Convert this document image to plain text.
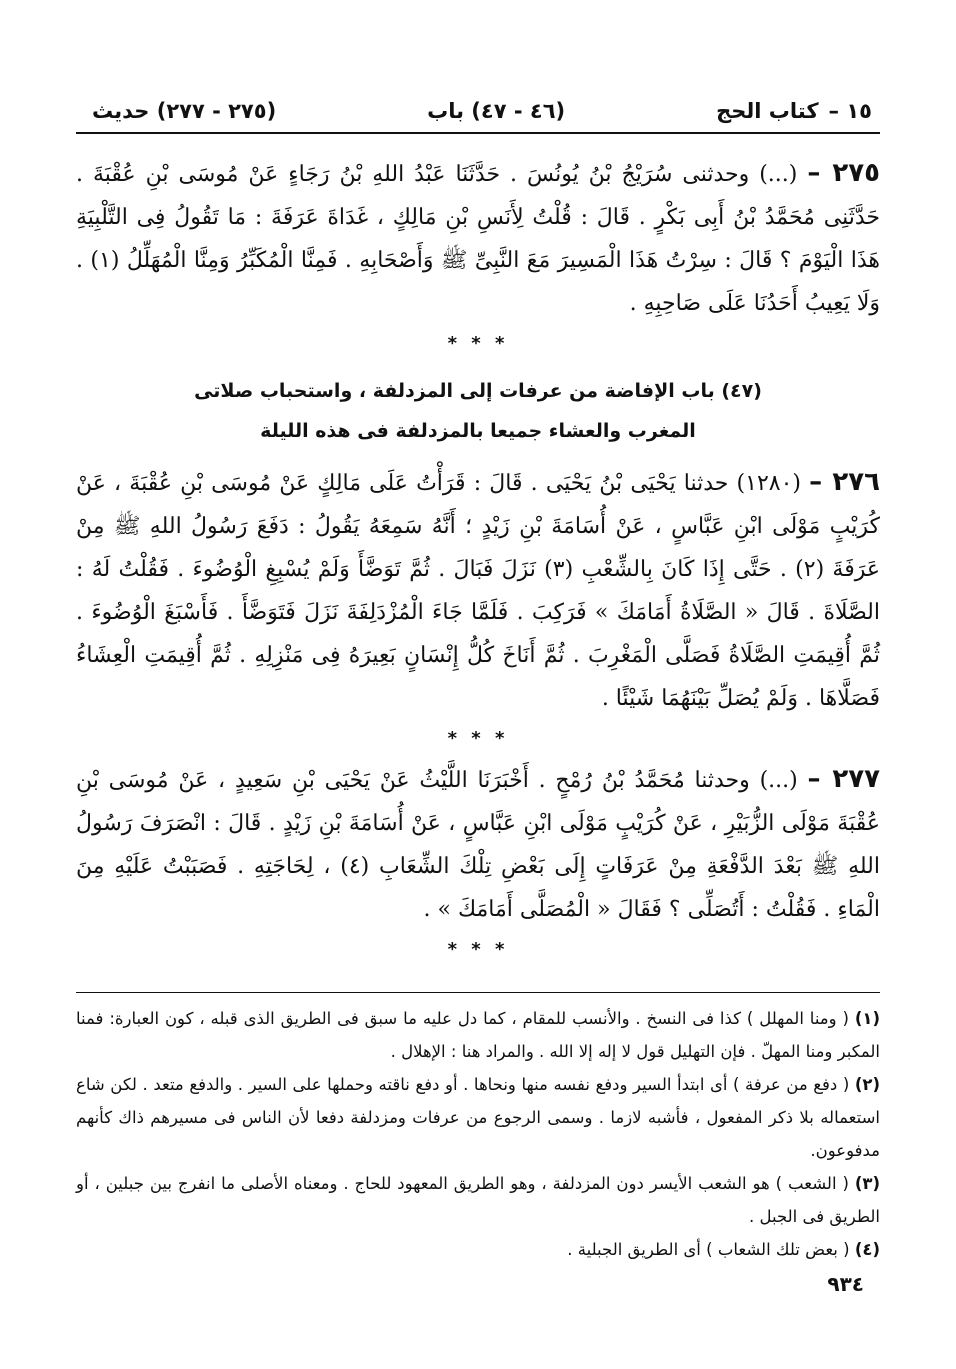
١٥ –
كتاب الحج
(٤٦ - ٤٧) باب
(٢٧٥ - ٢٧٧) حديث

٢٧٥ – (...) وحدثنى سُرَيْجُ بْنُ يُونُسَ . حَدَّثَنَا عَبْدُ اللهِ بْنُ رَجَاءٍ عَنْ مُوسَى بْنِ عُقْبَةَ . حَدَّثَنِى مُحَمَّدُ بْنُ أَبِى بَكْرٍ . قَالَ : قُلْتُ لِأَنَسِ بْنِ مَالِكٍ ، غَدَاةَ عَرَفَةَ : مَا تَقُولُ فِى التَّلْبِيَةِ هَذَا الْيَوْمَ ؟ قَالَ : سِرْتُ هَذَا الْمَسِيرَ مَعَ النَّبِىِّ ﷺ وَأَصْحَابِهِ . فَمِنَّا الْمُكَبِّرُ وَمِنَّا الْمُهَلِّلُ (١) . وَلَا يَعِيبُ أَحَدُنَا عَلَى صَاحِبِهِ .

* * *
(٤٧) باب الإفاضة من عرفات إلى المزدلفة ، واستحباب صلاتى
المغرب والعشاء جميعا بالمزدلفة فى هذه الليلة

٢٧٦ – (١٢٨٠) حدثنا يَحْيَى بْنُ يَحْيَى . قَالَ : قَرَأْتُ عَلَى مَالِكٍ عَنْ مُوسَى بْنِ عُقْبَةَ ، عَنْ كُرَيْبٍ مَوْلَى ابْنِ عَبَّاسٍ ، عَنْ أُسَامَةَ بْنِ زَيْدٍ ؛ أَنَّهُ سَمِعَهُ يَقُولُ : دَفَعَ رَسُولُ اللهِ ﷺ مِنْ عَرَفَةَ (٢) . حَتَّى إِذَا كَانَ بِالشِّعْبِ (٣) نَزَلَ فَبَالَ . ثُمَّ تَوَضَّأَ وَلَمْ يُسْبِغِ الْوُضُوءَ . فَقُلْتُ لَهُ : الصَّلَاةَ . قَالَ « الصَّلَاةُ أَمَامَكَ » فَرَكِبَ . فَلَمَّا جَاءَ الْمُزْدَلِفَةَ نَزَلَ فَتَوَضَّأَ . فَأَسْبَغَ الْوُضُوءَ . ثُمَّ أُقِيمَتِ الصَّلَاةُ فَصَلَّى الْمَغْرِبَ . ثُمَّ أَنَاخَ كُلُّ إِنْسَانٍ بَعِيرَهُ فِى مَنْزِلِهِ . ثُمَّ أُقِيمَتِ الْعِشَاءُ فَصَلَّاهَا . وَلَمْ يُصَلِّ بَيْنَهُمَا شَيْئًا .

* * *

٢٧٧ – (...) وحدثنا مُحَمَّدُ بْنُ رُمْحٍ . أَخْبَرَنَا اللَّيْثُ عَنْ يَحْيَى بْنِ سَعِيدٍ ، عَنْ مُوسَى بْنِ عُقْبَةَ مَوْلَى الزُّبَيْرِ ، عَنْ كُرَيْبٍ مَوْلَى ابْنِ عَبَّاسٍ ، عَنْ أُسَامَةَ بْنِ زَيْدٍ . قَالَ : انْصَرَفَ رَسُولُ اللهِ ﷺ بَعْدَ الدَّفْعَةِ مِنْ عَرَفَاتٍ إِلَى بَعْضِ تِلْكَ الشِّعَابِ (٤) ، لِحَاجَتِهِ . فَصَبَبْتُ عَلَيْهِ مِنَ الْمَاءِ . فَقُلْتُ : أَتُصَلِّى ؟ فَقَالَ « الْمُصَلَّى أَمَامَكَ » .

* * *

(١) ( ومنا المهلل ) كذا فى النسخ . والأنسب للمقام ، كما دل عليه ما سبق فى الطريق الذى قبله ، كون العبارة: فمنا المكبر ومنا المهلّ . فإن التهليل قول لا إله إلا الله . والمراد هنا : الإهلال .

(٢) ( دفع من عرفة ) أى ابتدأ السير ودفع نفسه منها ونحاها . أو دفع ناقته وحملها على السير . والدفع متعد . لكن شاع استعماله بلا ذكر المفعول ، فأشبه لازما . وسمى الرجوع من عرفات ومزدلفة دفعا لأن الناس فى مسيرهم ذاك كأنهم مدفوعون.

(٣) ( الشعب ) هو الشعب الأيسر دون المزدلفة ، وهو الطريق المعهود للحاج . ومعناه الأصلى ما انفرج بين جبلين ، أو الطريق فى الجبل .

(٤) ( بعض تلك الشعاب ) أى الطريق الجبلية .

٩٣٤
